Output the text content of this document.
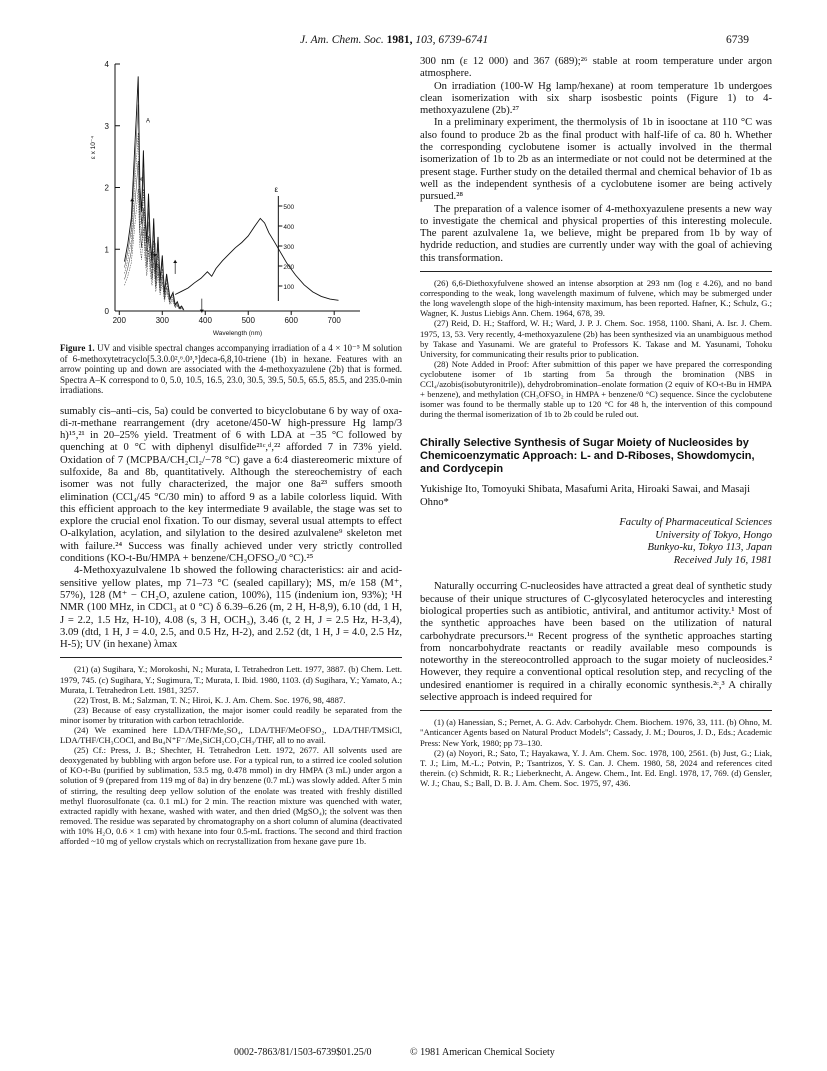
J. Am. Chem. Soc. 1981, 103, 6739-6741	6739
0
1
2
3
4
200	300	400	500	600	700
Wavelength (nm)
ε x 10⁻⁴
ε
500
400
300
200
100
A
K

Figure 1. UV and visible spectral changes accompanying irradiation of a 4 × 10⁻⁵ M solution of 6-methoxytetracyclo[5.3.0.0²,⁶.0³,⁵]deca-6,8,10-triene (1b) in hexane. Features with an arrow pointing up and down are associated with the 4-methoxyazulene (2b) that is formed. Spectra A–K correspond to 0, 5.0, 10.5, 16.5, 23.0, 30.5, 39.5, 50.5, 65.5, 85.5, and 235.0-min irradiations.

sumably cis–anti–cis, 5a) could be converted to bicyclobutane 6 by way of oxa-di-π-methane rearrangement (dry acetone/450-W high-pressure Hg lamp/3 h)¹⁵,²¹ in 20–25% yield. Treatment of 6 with LDA at −35 °C followed by quenching at 0 °C with diphenyl disulfide²¹ᶜ,ᵈ,²² afforded 7 in 73% yield. Oxidation of 7 (MCPBA/CH₂Cl₂/−78 °C) gave a 6:4 diastereomeric mixture of sulfoxide, 8a and 8b, quantitatively. Although the stereochemistry of each isomer was not fully characterized, the major one 8a²³ suffers smooth elimination (CCl₄/45 °C/30 min) to afford 9 as a labile colorless liquid. With this efficient approach to the key intermediate 9 available, the stage was set to explore the crucial enol fixation. To our dismay, several usual attempts to effect O-alkylation, acylation, and silylation to the desired azulvalene⁹ skeleton met with failure.²⁴ Success was finally achieved under very strictly controlled conditions (KO-t-Bu/HMPA + benzene/CH₃OFSO₂/0 °C).²⁵

4-Methoxyazulvalene 1b showed the following characteristics: air and acid-sensitive yellow plates, mp 71–73 °C (sealed capillary); MS, m/e 158 (M⁺, 57%), 128 (M⁺ − CH₂O, azulene cation, 100%), 115 (indenium ion, 93%); ¹H NMR (100 MHz, in CDCl₃ at 0 °C) δ 6.39–6.26 (m, 2 H, H-8,9), 6.10 (dd, 1 H, J = 2.2, 1.5 Hz, H-10), 4.08 (s, 3 H, OCH₃), 3.46 (t, 2 H, J = 2.5 Hz, H-3,4), 3.09 (dtd, 1 H, J = 4.0, 2.5, and 0.5 Hz, H-2), and 2.52 (dt, 1 H, J = 4.0, 2.5 Hz, H-5); UV (in hexane) λmax

(21) (a) Sugihara, Y.; Morokoshi, N.; Murata, I. Tetrahedron Lett. 1977, 3887. (b) Chem. Lett. 1979, 745. (c) Sugihara, Y.; Sugimura, T.; Murata, I. Ibid. 1980, 1103. (d) Sugihara, Y.; Yamato, A.; Murata, I. Tetrahedron Lett. 1981, 3257.

(22) Trost, B. M.; Salzman, T. N.; Hiroi, K. J. Am. Chem. Soc. 1976, 98, 4887.

(23) Because of easy crystallization, the major isomer could readily be separated from the minor isomer by trituration with carbon tetrachloride.

(24) We examined here LDA/THF/Me₂SO₄, LDA/THF/MeOFSO₂, LDA/THF/TMSiCl, LDA/THF/CH₃COCl, and Bu₄N⁺F⁻/Me₃SiCH₂CO₂CH₃/THF, all to no avail.

(25) Cf.: Press, J. B.; Shechter, H. Tetrahedron Lett. 1972, 2677. All solvents used are deoxygenated by bubbling with argon before use. For a typical run, to a stirred ice cooled solution of KO-t-Bu (purified by sublimation, 53.5 mg, 0.478 mmol) in dry HMPA (3 mL) under argon a solution of 9 (prepared from 119 mg of 8a) in dry benzene (0.7 mL) was slowly added. After 5 min of stirring, the resulting deep yellow solution of the enolate was treated with freshly distilled methyl fluorosulfonate (ca. 0.1 mL) for 2 min. The reaction mixture was quenched with water, extracted rapidly with hexane, washed with water, and then dried (MgSO₄); the solvent was then removed. The residue was separated by chromatography on a short column of alumina (deactivated with 10% H₂O, 0.6 × 1 cm) with hexane into four 0.5-mL fractions. The second and third fraction afforded ~10 mg of yellow crystals which on recrystallization from hexane gave pure 1b.

300 nm (ε 12 000) and 367 (689);²⁶ stable at room temperature under argon atmosphere.

On irradiation (100-W Hg lamp/hexane) at room temperature 1b undergoes clean isomerization with six sharp isosbestic points (Figure 1) to 4-methoxyazulene (2b).²⁷

In a preliminary experiment, the thermolysis of 1b in isooctane at 110 °C was also found to produce 2b as the final product with half-life of ca. 80 h. Whether the corresponding cyclobutene isomer is actually involved in the thermal isomerization of 1b to 2b as an intermediate or not could not be determined at the present stage. Further study on the detailed thermal and chemical behavior of 1b as well as the independent synthesis of a cyclobutene isomer are being actively pursued.²⁸

The preparation of a valence isomer of 4-methoxyazulene presents a new way to investigate the chemical and physical properties of this interesting molecule. The parent azulvalene 1a, we believe, might be prepared from 1b by way of hydride reduction, and studies are currently under way with the goal of achieving this transformation.

(26) 6,6-Diethoxyfulvene showed an intense absorption at 293 nm (log ε 4.26), and no band corresponding to the weak, long wavelength maximum of fulvene, which may be submerged under the long wavelength slope of the high-intensity maximum, has been reported. Hafner, K.; Schulz, G.; Wagner, K. Justus Liebigs Ann. Chem. 1964, 678, 39.

(27) Reid, D. H.; Stafford, W. H.; Ward, J. P. J. Chem. Soc. 1958, 1100. Shani, A. Isr. J. Chem. 1975, 13, 53. Very recently, 4-methoxyazulene (2b) has been synthesized via an unambiguous method by Takase and Yasunami. We are grateful to Professors K. Takase and M. Yasunami, Tohoku University, for communicating their results prior to publication.

(28) Note Added in Proof: After submittion of this paper we have prepared the corresponding cyclobutene isomer of 1b starting from 5a through the bromination (NBS in CCl₄/azobis(isobutyronitrile)), dehydrobromination–enolate formation (2 equiv of KO-t-Bu in HMPA + benzene), and methylation (CH₃OFSO₂ in HMPA + benzene/0 °C) sequence. Since the cyclobutene isomer was found to be thermally stable up to 120 °C for 48 h, the intervention of this compound during the thermal isomerization of 1b to 2b could be ruled out.

Chirally Selective Synthesis of Sugar Moiety of Nucleosides by Chemicoenzymatic Approach: L- and D-Riboses, Showdomycin, and Cordycepin
Yukishige Ito, Tomoyuki Shibata, Masafumi Arita, Hiroaki Sawai, and Masaji Ohno*
Faculty of Pharmaceutical Sciences
University of Tokyo, Hongo
Bunkyo-ku, Tokyo 113, Japan
Received July 16, 1981

Naturally occurring C-nucleosides have attracted a great deal of synthetic study because of their unique structures of C-glycosylated heterocycles and interesting biological properties such as antibiotic, antiviral, and antitumor activity.¹ Most of the synthetic approaches have been based on the utilization of natural carbohydrate precursors.¹ᵃ Recent progress of the synthetic approaches starting from noncarbohydrate reactants or readily available meso compounds is noteworthy in the stereocontrolled approach to the sugar moiety of nucleosides.² However, they require a conventional optical resolution step, and recycling of the undesired enantiomer is required in a chirally economic synthesis.²ᶜ,³ A chirally selective approach is indeed required for

(1) (a) Hanessian, S.; Pernet, A. G. Adv. Carbohydr. Chem. Biochem. 1976, 33, 111. (b) Ohno, M. "Anticancer Agents based on Natural Product Models"; Cassady, J. M.; Douros, J. D., Eds.; Academic Press: New York, 1980; pp 73–130.

(2) (a) Noyori, R.; Sato, T.; Hayakawa, Y. J. Am. Chem. Soc. 1978, 100, 2561. (b) Just, G.; Liak, T. J.; Lim, M.-L.; Potvin, P.; Tsantrizos, Y. S. Can. J. Chem. 1980, 58, 2024 and references cited therein. (c) Schmidt, R. R.; Lieberknecht, A. Angew. Chem., Int. Ed. Engl. 1978, 17, 769. (d) Gensler, W. J.; Chau, S.; Ball, D. B. J. Am. Chem. Soc. 1975, 97, 436.

0002-7863/81/1503-6739$01.25/0	© 1981 American Chemical Society
